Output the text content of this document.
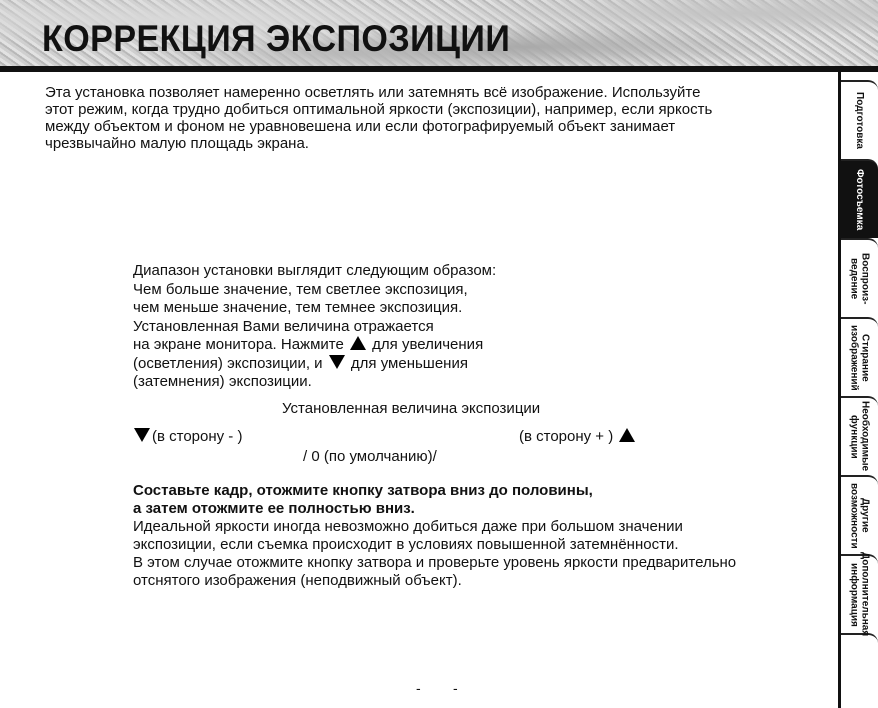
КОРРЕКЦИЯ ЭКСПОЗИЦИИ
Эта установка позволяет намеренно осветлять или затемнять всё изображение. Используйте
этот режим, когда трудно добиться оптимальной яркости (экспозиции), например, если яркость
между объектом и фоном не уравновешена или если фотографируемый объект занимает
чрезвычайно малую площадь экрана.
Диапазон установки выглядит следующим образом:
Чем больше значение, тем светлее экспозиция,
чем меньше значение, тем темнее экспозиция.
Установленная Вами величина отражается
на экране монитора. Нажмите для увеличения
(осветления) экспозиции, и для уменьшения
(затемнения) экспозиции.
Установленная величина экспозиции
(в сторону - )	(в сторону + )
/ 0 (по умолчанию)/
Составьте кадр, отожмите кнопку затвора вниз до половины,
а затем отожмите ее полностью вниз.
Идеальной яркости иногда невозможно добиться даже при большом значении
экспозиции, если съемка происходит в условиях повышенной затемнённости.
В этом случае отожмите кнопку затвора и проверьте уровень яркости предварительно
отснятого изображения (неподвижный объект).
Подготовка
Фотосъемка
Воспроиз-
ведение
Стирание
изображений
Необходимые
функции
Другие
возможности
Дополнительная
информация
- -
